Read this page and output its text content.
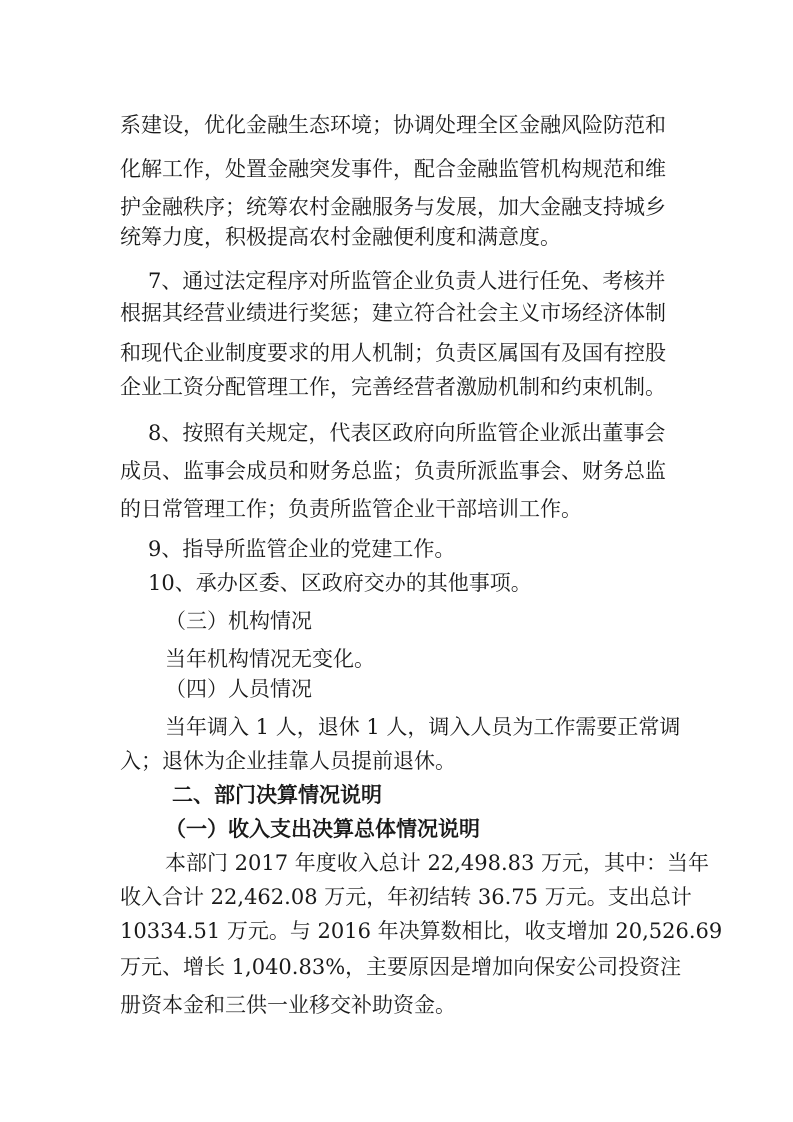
系建设，优化金融生态环境；协调处理全区金融风险防范和
化解工作，处置金融突发事件，配合金融监管机构规范和维
护金融秩序；统筹农村金融服务与发展，加大金融支持城乡
统筹力度，积极提高农村金融便利度和满意度。
7、通过法定程序对所监管企业负责人进行任免、考核并
根据其经营业绩进行奖惩；建立符合社会主义市场经济体制
和现代企业制度要求的用人机制；负责区属国有及国有控股
企业工资分配管理工作，完善经营者激励机制和约束机制。
8、按照有关规定，代表区政府向所监管企业派出董事会
成员、监事会成员和财务总监；负责所派监事会、财务总监
的日常管理工作；负责所监管企业干部培训工作。
9、指导所监管企业的党建工作。
10、承办区委、区政府交办的其他事项。
（三）机构情况
当年机构情况无变化。
（四）人员情况
当年调入 1 人，退休 1 人，调入人员为工作需要正常调
入；退休为企业挂靠人员提前退休。
二、部门决算情况说明
（一）收入支出决算总体情况说明
本部门 2017 年度收入总计 22,498.83 万元，其中：当年
收入合计 22,462.08 万元，年初结转 36.75 万元。支出总计
10334.51 万元。与 2016 年决算数相比，收支增加 20,526.69
万元、增长 1,040.83%，主要原因是增加向保安公司投资注
册资本金和三供一业移交补助资金。
